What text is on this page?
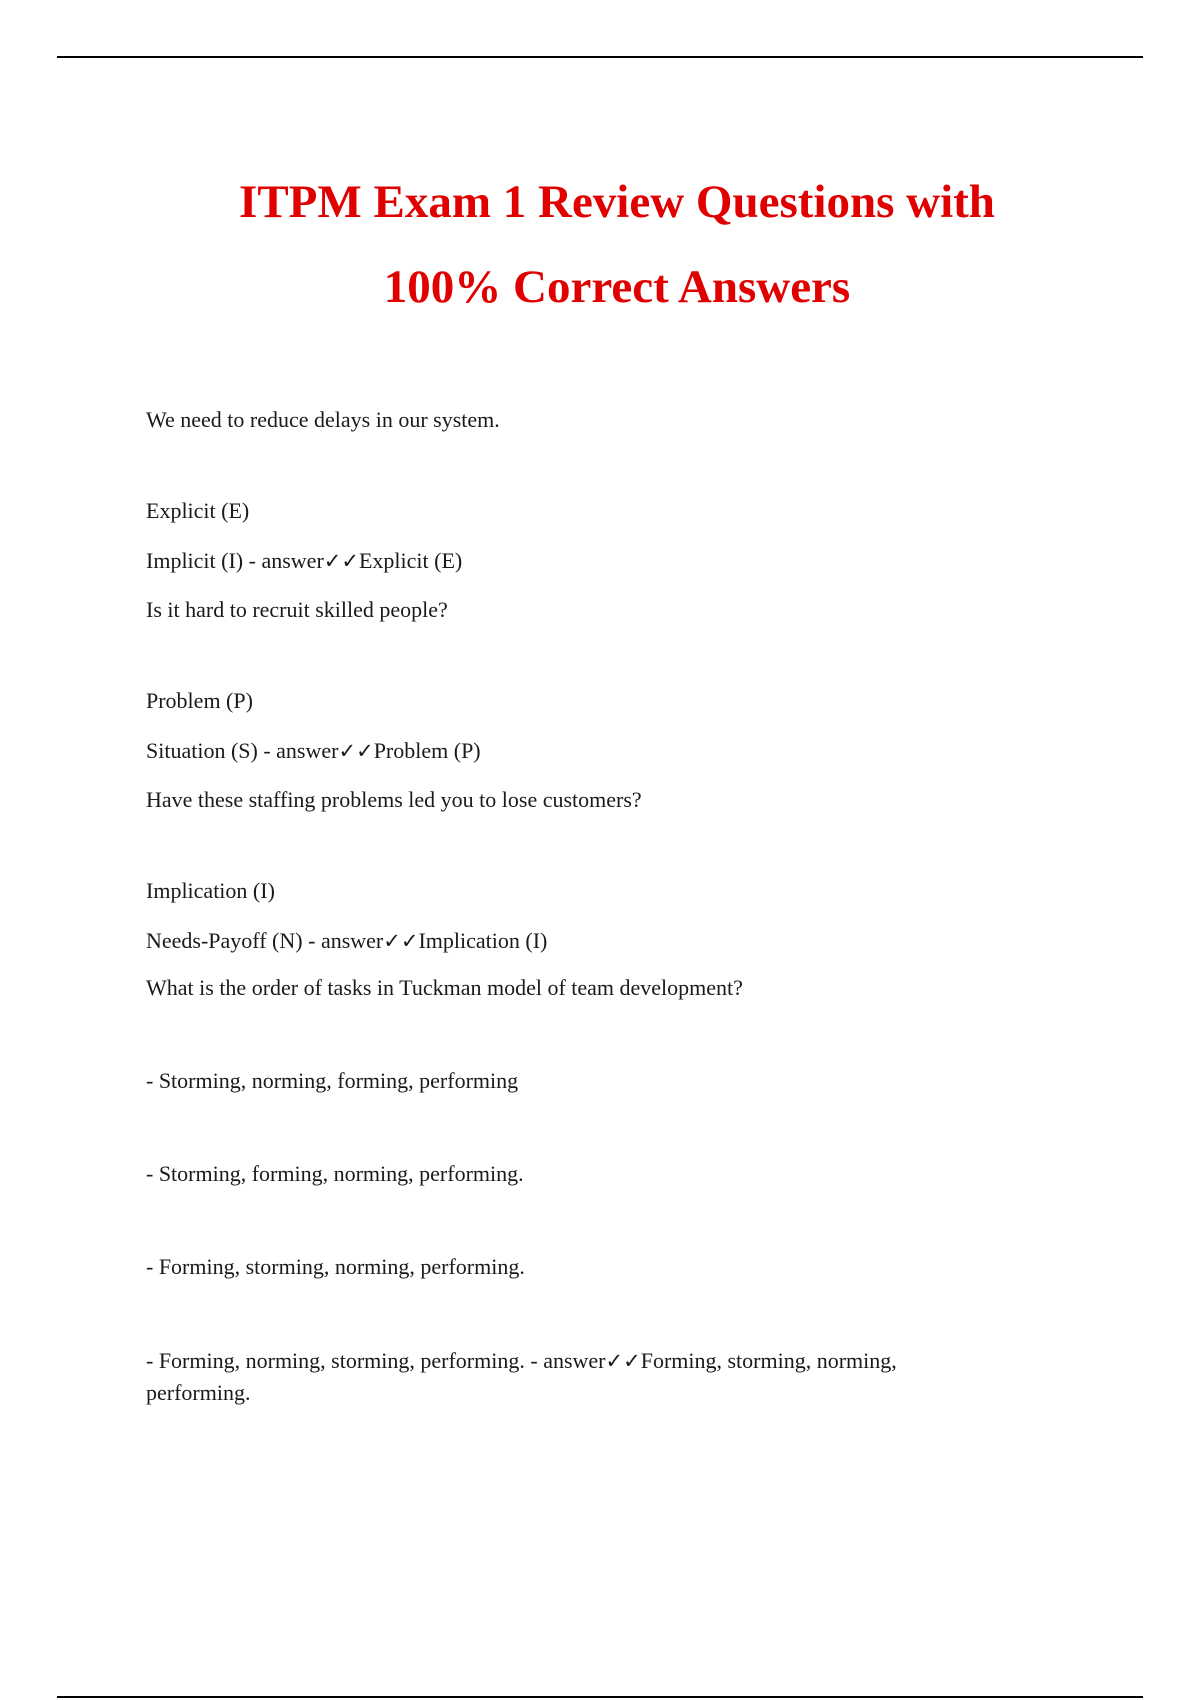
ITPM Exam 1 Review Questions with
100% Correct Answers

We need to reduce delays in our system.

Explicit (E)

Implicit (I) - answer✓✓Explicit (E)

Is it hard to recruit skilled people?

Problem (P)

Situation (S) - answer✓✓Problem (P)

Have these staffing problems led you to lose customers?

Implication (I)

Needs-Payoff (N) - answer✓✓Implication (I)

What is the order of tasks in Tuckman model of team development?

- Storming, norming, forming, performing

- Storming, forming, norming, performing.

- Forming, storming, norming, performing.

- Forming, norming, storming, performing. - answer✓✓Forming, storming, norming, performing.
